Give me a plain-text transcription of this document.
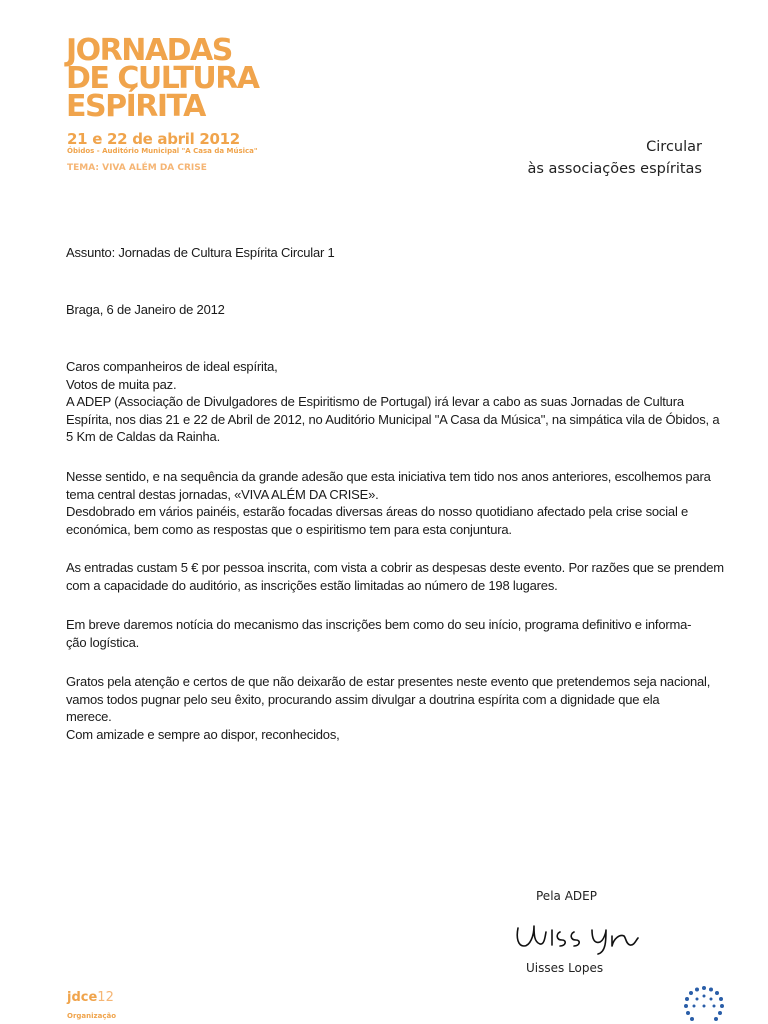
JORNADAS
DE CULTURA
ESPÍRITA
21 e 22 de abril 2012
Óbidos - Auditório Municipal "A Casa da Música"
TEMA: VIVA ALÉM DA CRISE
Circular
às associações espíritas

Assunto: Jornadas de Cultura Espírita Circular 1

Braga, 6 de Janeiro de 2012

Caros companheiros de ideal espírita,
Votos de muita paz.
A ADEP (Associação de Divulgadores de Espiritismo de Portugal) irá levar a cabo as suas Jornadas de Cultura
Espírita, nos dias 21 e 22 de Abril de 2012, no Auditório Municipal "A Casa da Música", na simpática vila de Óbidos, a
5 Km de Caldas da Rainha.

Nesse sentido, e na sequência da grande adesão que esta iniciativa tem tido nos anos anteriores, escolhemos para
tema central destas jornadas, «VIVA ALÉM DA CRISE».
Desdobrado em vários painéis, estarão focadas diversas áreas do nosso quotidiano afectado pela crise social e
económica, bem como as respostas que o espiritismo tem para esta conjuntura.

As entradas custam 5 € por pessoa inscrita, com vista a cobrir as despesas deste evento. Por razões que se prendem
com a capacidade do auditório, as inscrições estão limitadas ao número de 198 lugares.

Em breve daremos notícia do mecanismo das inscrições bem como do seu início, programa definitivo e informa-
ção logística.

Gratos pela atenção e certos de que não deixarão de estar presentes neste evento que pretendemos seja nacional,
vamos todos pugnar pelo seu êxito, procurando assim divulgar a doutrina espírita com a dignidade que ela
merece.
Com amizade e sempre ao dispor, reconhecidos,

Pela ADEP
Uisses Lopes
jdce12
Organização
